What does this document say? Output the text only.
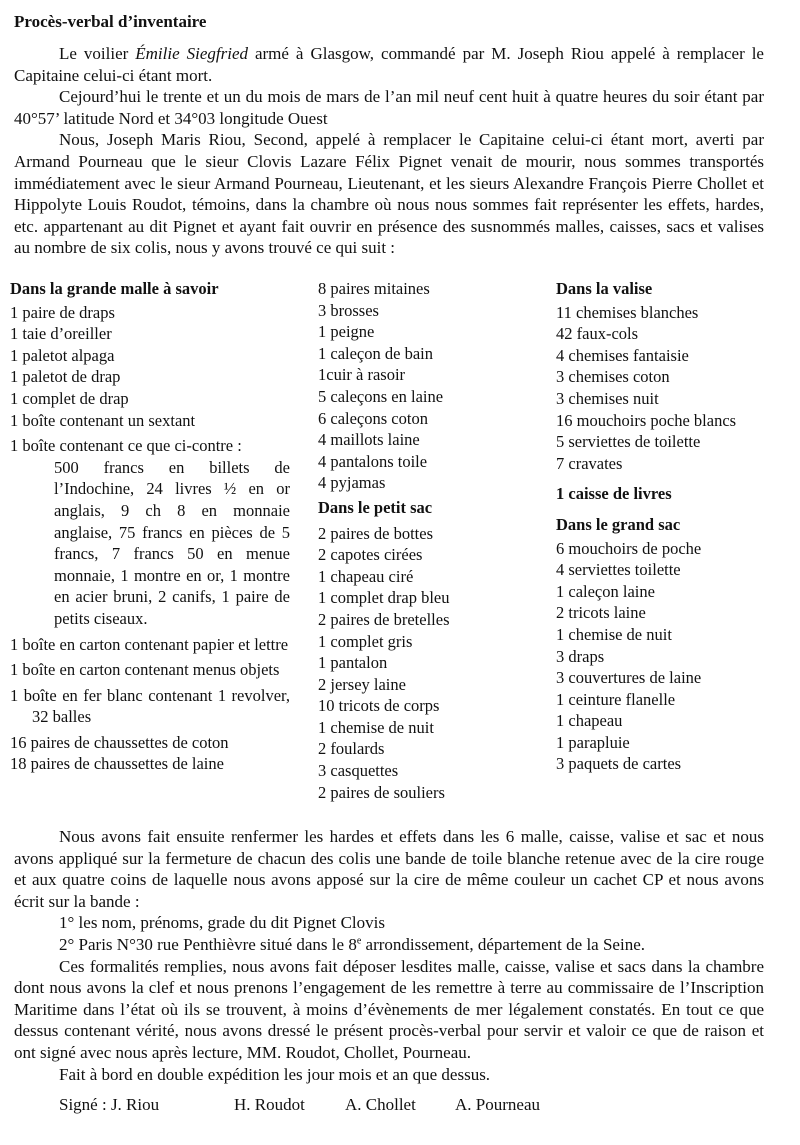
Procès-verbal d’inventaire

Le voilier Émilie Siegfried armé à Glasgow, commandé par M. Joseph Riou appelé à remplacer le Capitaine celui-ci étant mort.

Cejourd’hui le trente et un du mois de mars de l’an mil neuf cent huit à quatre heures du soir étant par 40°57’ latitude Nord et 34°03 longitude Ouest

Nous, Joseph Maris Riou, Second, appelé à remplacer le Capitaine celui-ci étant mort, averti par Armand Pourneau que le sieur Clovis Lazare Félix Pignet venait de mourir, nous sommes transportés immédiatement avec le sieur Armand Pourneau, Lieutenant, et les sieurs Alexandre François Pierre Chollet et Hippolyte Louis Roudot, témoins, dans la chambre où nous nous sommes fait représenter les effets, hardes, etc. appartenant au dit Pignet et ayant fait ouvrir en présence des susnommés malles, caisses, sacs et valises au nombre de six colis, nous y avons trouvé ce qui suit :

Dans la grande malle à savoir
1 paire de draps
1 taie d’oreiller
1 paletot alpaga
1 paletot de drap
1 complet de drap
1 boîte contenant un sextant
1 boîte contenant ce que ci-contre :
500 francs en billets de l’Indochine, 24 livres ½ en or anglais, 9 ch 8 en monnaie anglaise, 75 francs en pièces de 5 francs, 7 francs 50 en menue monnaie, 1 montre en or, 1 montre en acier bruni, 2 canifs, 1 paire de petits ciseaux.
1 boîte en carton contenant papier et lettre
1 boîte en carton contenant menus objets
1 boîte en fer blanc contenant 1 revolver, 32 balles
16 paires de chaussettes de coton
18 paires de chaussettes de laine
8 paires mitaines
3 brosses
1 peigne
1 caleçon de bain
1cuir à rasoir
5 caleçons en laine
6 caleçons coton
4 maillots laine
4 pantalons toile
4 pyjamas
Dans le petit sac
2 paires de bottes
2 capotes cirées
1 chapeau ciré
1 complet drap bleu
2 paires de bretelles
1 complet gris
1 pantalon
2 jersey laine
10 tricots de corps
1 chemise de nuit
2 foulards
3 casquettes
2 paires de souliers
Dans la valise
11 chemises blanches
42 faux-cols
4 chemises fantaisie
3 chemises coton
3 chemises nuit
16 mouchoirs poche blancs
5 serviettes de toilette
7 cravates
1 caisse de livres
Dans le grand sac
6 mouchoirs de poche
4 serviettes toilette
1 caleçon laine
2 tricots laine
1 chemise de nuit
3 draps
3 couvertures de laine
1 ceinture flanelle
1 chapeau
1 parapluie
3 paquets de cartes

Nous avons fait ensuite renfermer les hardes et effets dans les 6 malle, caisse, valise et sac et nous avons appliqué sur la fermeture de chacun des colis une bande de toile blanche retenue avec de la cire rouge et aux quatre coins de laquelle nous avons apposé sur la cire de même couleur un cachet CP et nous avons écrit sur la bande :

1° les nom, prénoms, grade du dit Pignet Clovis

2° Paris N°30 rue Penthièvre situé dans le 8e arrondissement, département de la Seine.

Ces formalités remplies, nous avons fait déposer lesdites malle, caisse, valise et sacs dans la chambre dont nous avons la clef et nous prenons l’engagement de les remettre à terre au commissaire de l’Inscription Maritime dans l’état où ils se trouvent, à moins d’évènements de mer légalement constatés. En tout ce que dessus contenant vérité, nous avons dressé le présent procès-verbal pour servir et valoir ce que de raison et ont signé avec nous après lecture, MM. Roudot, Chollet, Pourneau.

Fait à bord en double expédition les jour mois et an que dessus.

Signé : J. Riou	H. Roudot A. Chollet A. Pourneau
